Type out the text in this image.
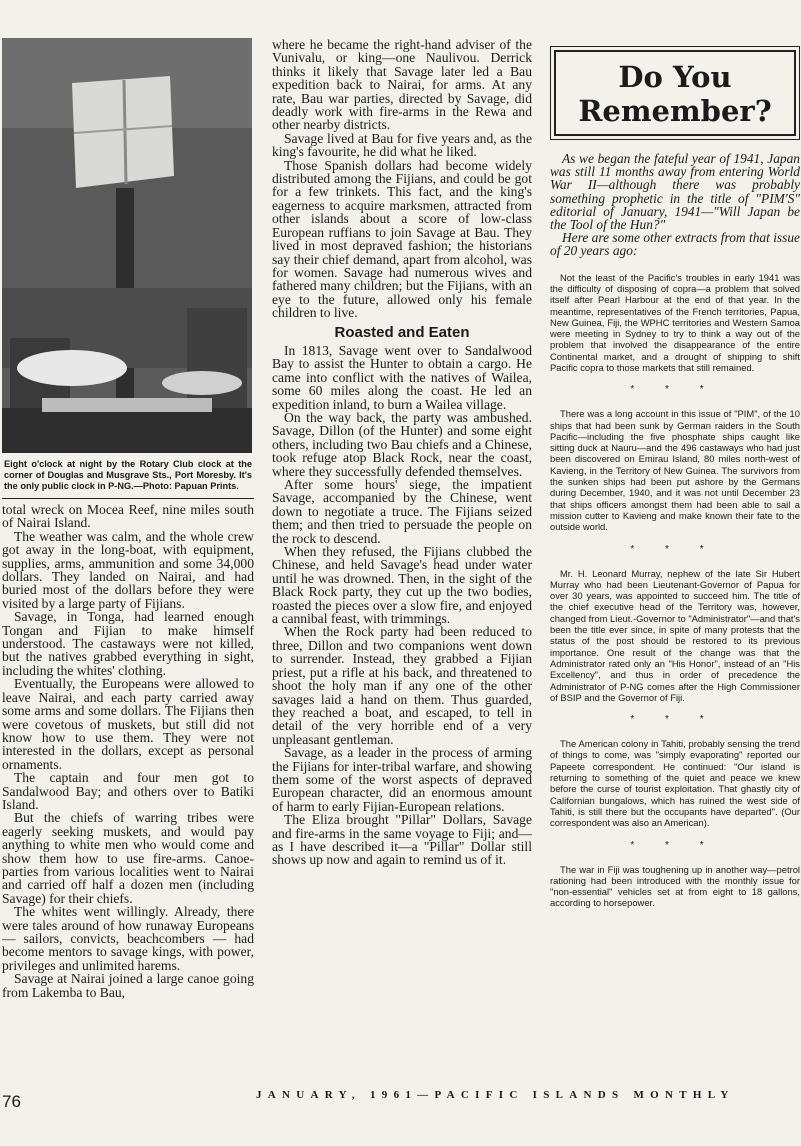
Eight o'clock at night by the Rotary Club clock at the corner of Douglas and Musgrave Sts., Port Moresby. It's the only public clock in P-NG.—Photo: Papuan Prints.

total wreck on Mocea Reef, nine miles south of Nairai Island.

The weather was calm, and the whole crew got away in the long-boat, with equipment, supplies, arms, ammunition and some 34,000 dollars. They landed on Nairai, and had buried most of the dollars before they were visited by a large party of Fijians.

Savage, in Tonga, had learned enough Tongan and Fijian to make himself understood. The castaways were not killed, but the natives grabbed everything in sight, including the whites' clothing.

Eventually, the Europeans were allowed to leave Nairai, and each party carried away some arms and some dollars. The Fijians then were covetous of muskets, but still did not know how to use them. They were not interested in the dollars, except as personal ornaments.

The captain and four men got to Sandalwood Bay; and others over to Batiki Island.

But the chiefs of warring tribes were eagerly seeking muskets, and would pay anything to white men who would come and show them how to use fire-arms. Canoe-parties from various localities went to Nairai and carried off half a dozen men (including Savage) for their chiefs.

The whites went willingly. Already, there were tales around of how runaway Europeans — sailors, convicts, beachcombers — had become mentors to savage kings, with power, privileges and unlimited harems.

Savage at Nairai joined a large canoe going from Lakemba to Bau,

where he became the right-hand adviser of the Vunivalu, or king—one Naulivou. Derrick thinks it likely that Savage later led a Bau expedition back to Nairai, for arms. At any rate, Bau war parties, directed by Savage, did deadly work with fire-arms in the Rewa and other nearby districts.

Savage lived at Bau for five years and, as the king's favourite, he did what he liked.

Those Spanish dollars had become widely distributed among the Fijians, and could be got for a few trinkets. This fact, and the king's eagerness to acquire marksmen, attracted from other islands about a score of low-class European ruffians to join Savage at Bau. They lived in most depraved fashion; the historians say their chief demand, apart from alcohol, was for women. Savage had numerous wives and fathered many children; but the Fijians, with an eye to the future, allowed only his female children to live.

Roasted and Eaten

In 1813, Savage went over to Sandalwood Bay to assist the Hunter to obtain a cargo. He came into conflict with the natives of Wailea, some 60 miles along the coast. He led an expedition inland, to burn a Wailea village.

On the way back, the party was ambushed. Savage, Dillon (of the Hunter) and some eight others, including two Bau chiefs and a Chinese, took refuge atop Black Rock, near the coast, where they successfully defended themselves.

After some hours' siege, the impatient Savage, accompanied by the Chinese, went down to negotiate a truce. The Fijians seized them; and then tried to persuade the people on the rock to descend.

When they refused, the Fijians clubbed the Chinese, and held Savage's head under water until he was drowned. Then, in the sight of the Black Rock party, they cut up the two bodies, roasted the pieces over a slow fire, and enjoyed a cannibal feast, with trimmings.

When the Rock party had been reduced to three, Dillon and two companions went down to surrender. Instead, they grabbed a Fijian priest, put a rifle at his back, and threatened to shoot the holy man if any one of the other savages laid a hand on them. Thus guarded, they reached a boat, and escaped, to tell in detail of the very horrible end of a very unpleasant gentleman.

Savage, as a leader in the process of arming the Fijians for inter-tribal warfare, and showing them some of the worst aspects of depraved European character, did an enormous amount of harm to early Fijian-European relations.

The Eliza brought "Pillar" Dollars, Savage and fire-arms in the same voyage to Fiji; and—as I have described it—a "Pillar" Dollar still shows up now and again to remind us of it.

Do You Remember?

As we began the fateful year of 1941, Japan was still 11 months away from entering World War II—although there was probably something prophetic in the title of "PIM'S" editorial of January, 1941—"Will Japan be the Tool of the Hun?"

Here are some other extracts from that issue of 20 years ago:

Not the least of the Pacific's troubles in early 1941 was the difficulty of disposing of copra—a problem that solved itself after Pearl Harbour at the end of that year. In the meantime, representatives of the French territories, Papua, New Guinea, Fiji, the WPHC territories and Western Samoa were meeting in Sydney to try to think a way out of the problem that involved the disappearance of the entire Continental market, and a drought of shipping to shift Pacific copra to those markets that still remained.

* * *

There was a long account in this issue of "PIM", of the 10 ships that had been sunk by German raiders in the South Pacific—including the five phosphate ships caught like sitting duck at Nauru—and the 496 castaways who had just been discovered on Emirau Island, 80 miles north-west of Kavieng, in the Territory of New Guinea. The survivors from the sunken ships had been put ashore by the Germans during December, 1940, and it was not until December 23 that ships officers amongst them had been able to sail a mission cutter to Kavieng and make known their fate to the outside world.

* * *

Mr. H. Leonard Murray, nephew of the late Sir Hubert Murray who had been Lieutenant-Governor of Papua for over 30 years, was appointed to succeed him. The title of the chief executive head of the Territory was, however, changed from Lieut.-Governor to "Administrator"—and that's been the title ever since, in spite of many protests that the status of the post should be restored to its previous importance. One result of the change was that the Administrator rated only an "His Honor", instead of an "His Excellency", and thus in order of precedence the Administrator of P-NG comes after the High Commissioner of BSIP and the Governor of Fiji.

* * *

The American colony in Tahiti, probably sensing the trend of things to come, was "simply evaporating" reported our Papeete correspondent. He continued: "Our island is returning to something of the quiet and peace we knew before the curse of tourist exploitation. That ghastly city of Californian bungalows, which has ruined the west side of Tahiti, is still there but the occupants have departed". (Our correspondent was also an American).

* * *

The war in Fiji was toughening up in another way—petrol rationing had been introduced with the monthly issue for "non-essential" vehicles set at from eight to 18 gallons, according to horsepower.

76	JANUARY, 1961—PACIFIC ISLANDS MONTHLY
